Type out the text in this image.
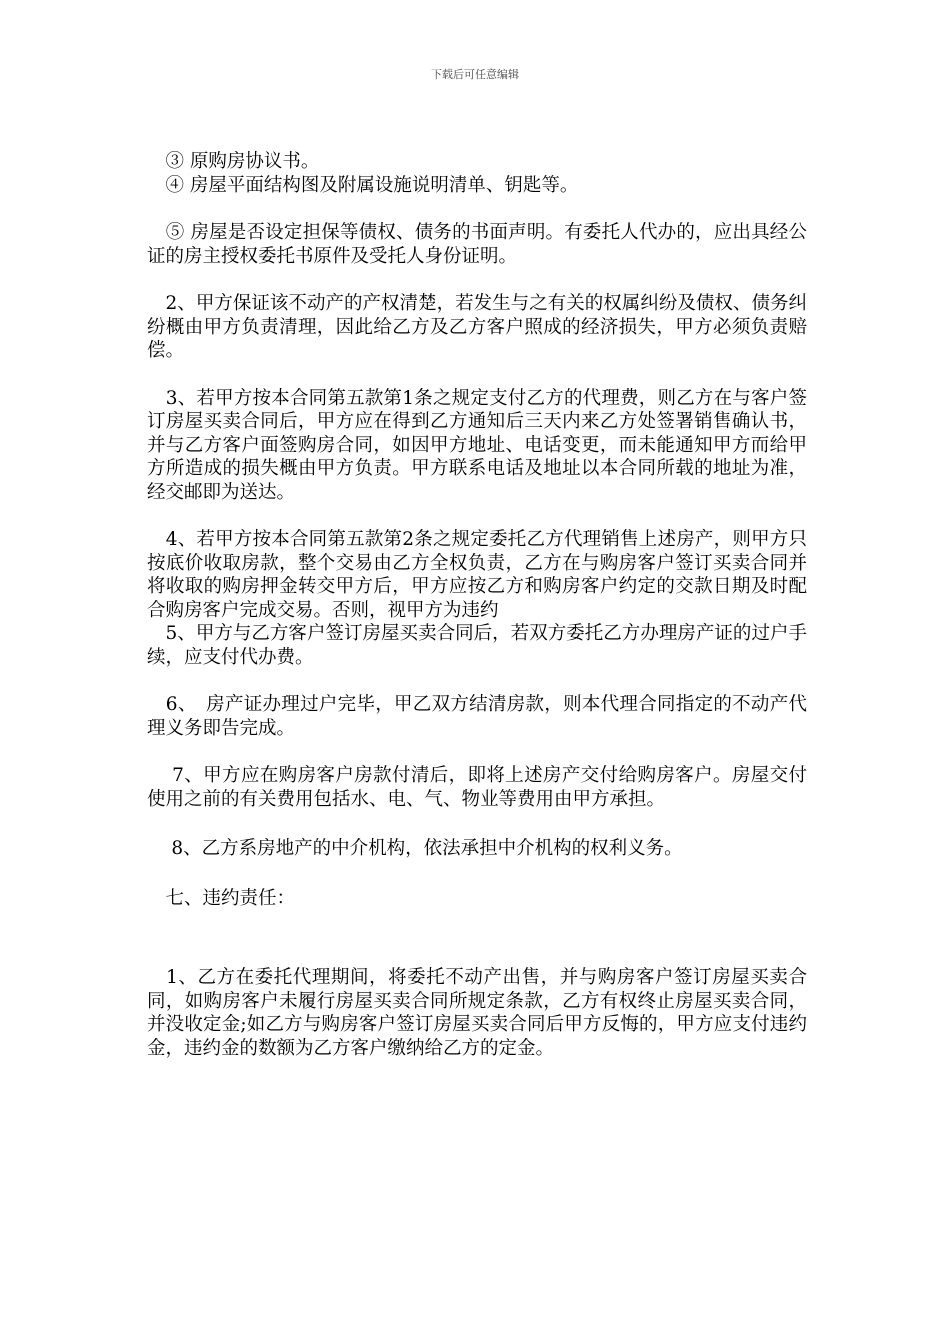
下载后可任意编辑

　③ 原购房协议书。

　④ 房屋平面结构图及附属设施说明清单、钥匙等。

　⑤ 房屋是否设定担保等债权、债务的书面声明。有委托人代办的，应出具经公证的房主授权委托书原件及受托人身份证明。

　2、甲方保证该不动产的产权清楚，若发生与之有关的权属纠纷及债权、债务纠纷概由甲方负责清理，因此给乙方及乙方客户照成的经济损失，甲方必须负责赔偿。

　3、若甲方按本合同第五款第1条之规定支付乙方的代理费，则乙方在与客户签订房屋买卖合同后，甲方应在得到乙方通知后三天内来乙方处签署销售确认书，并与乙方客户面签购房合同，如因甲方地址、电话变更，而未能通知甲方而给甲方所造成的损失概由甲方负责。甲方联系电话及地址以本合同所载的地址为准，经交邮即为送达。

　4、若甲方按本合同第五款第2条之规定委托乙方代理销售上述房产，则甲方只按底价收取房款，整个交易由乙方全权负责，乙方在与购房客户签订买卖合同并将收取的购房押金转交甲方后，甲方应按乙方和购房客户约定的交款日期及时配合购房客户完成交易。否则，视甲方为违约

　5、甲方与乙方客户签订房屋买卖合同后，若双方委托乙方办理房产证的过户手续，应支付代办费。

　6、　房产证办理过户完毕，甲乙双方结清房款，则本代理合同指定的不动产代理义务即告完成。

　 7、甲方应在购房客户房款付清后，即将上述房产交付给购房客户。房屋交付使用之前的有关费用包括水、电、气、物业等费用由甲方承担。

　 8、乙方系房地产的中介机构，依法承担中介机构的权利义务。

　七、违约责任：

　1、乙方在委托代理期间，将委托不动产出售，并与购房客户签订房屋买卖合同，如购房客户未履行房屋买卖合同所规定条款，乙方有权终止房屋买卖合同，并没收定金;如乙方与购房客户签订房屋买卖合同后甲方反悔的，甲方应支付违约金，违约金的数额为乙方客户缴纳给乙方的定金。
